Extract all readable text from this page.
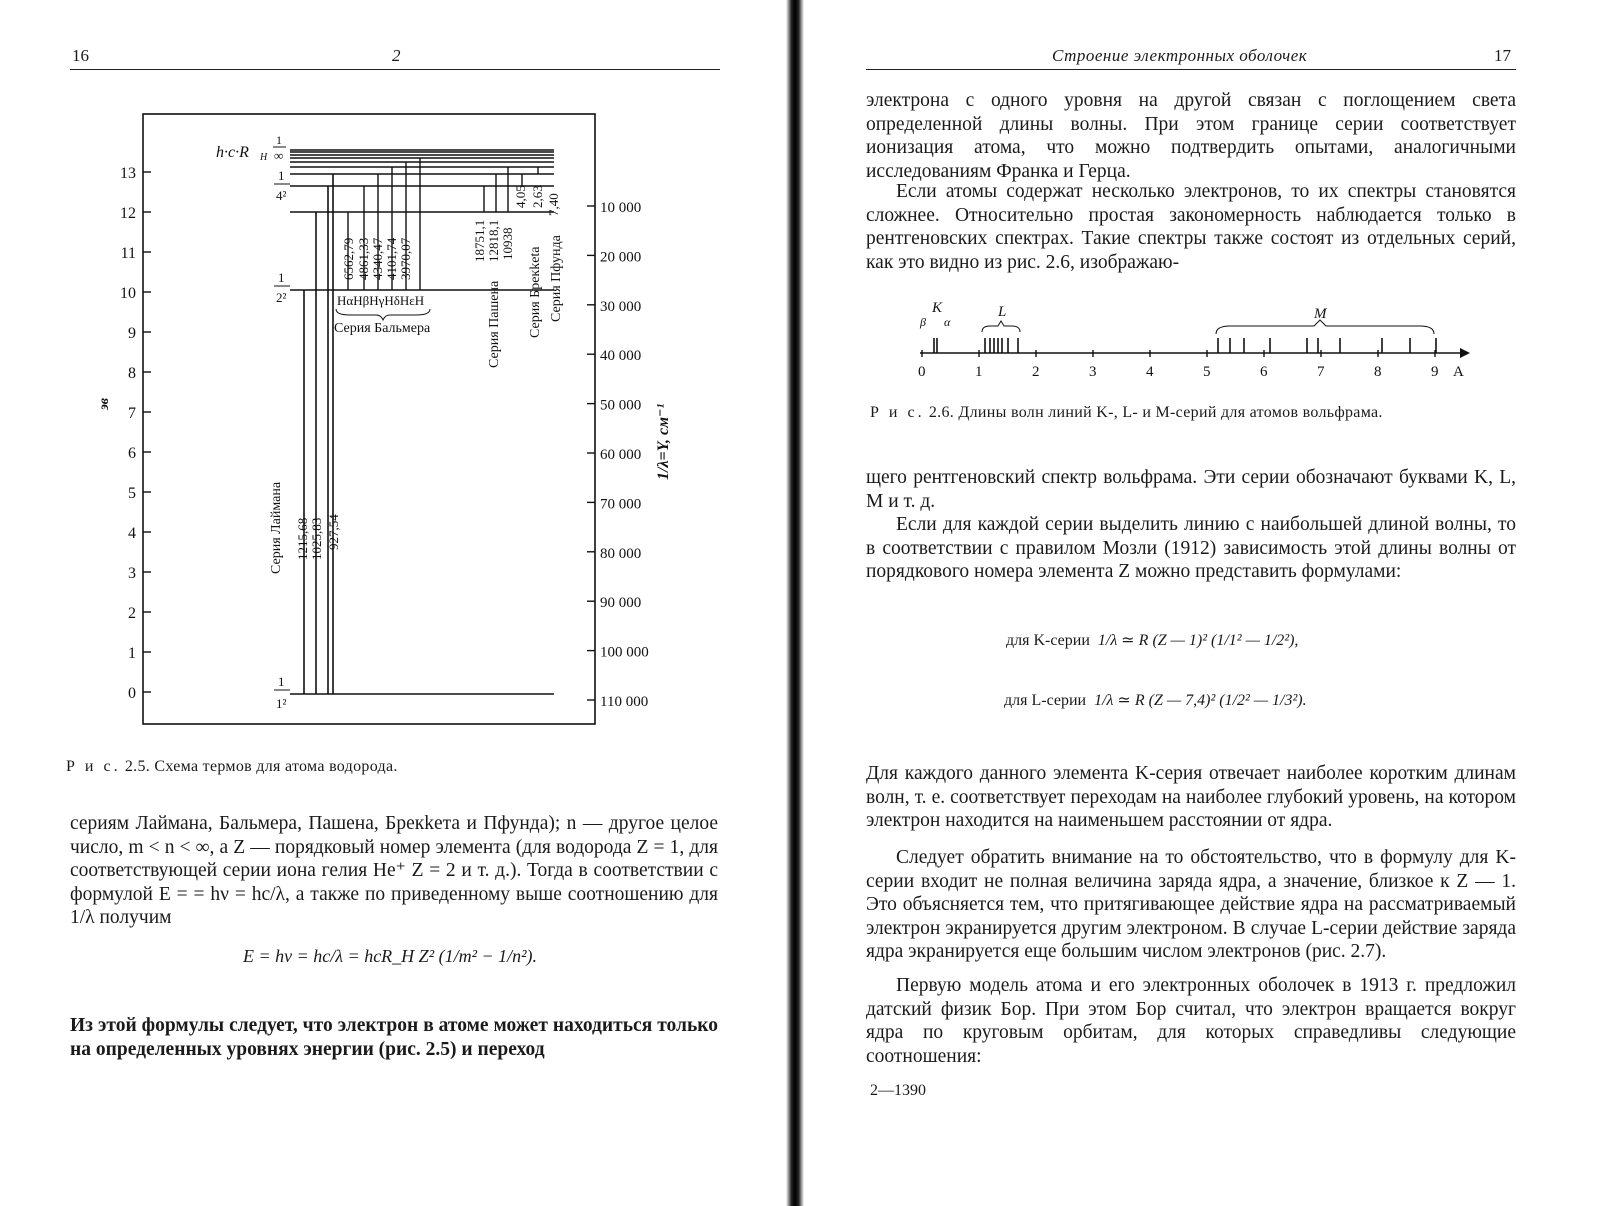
16	2
13
12
11
10
9
8
7
6
5
4
3
2
1
0
10 000
20 000
30 000
40 000
50 000
60 000
70 000
80 000
90 000
100 000
110 000
эв	1/λ=Y, см⁻¹
h·c·R H
1
∞
1
4²
1
2²
1
1²
6562,79 4861,33 4340,47 4101,74 3970,07
HαHβHγHδHεH
Серия Бальмера
Серия Лаймана 1215,68 1025,83 927,54
18751,1 12818,1 10938
Серия Пашена
4,05
Серия Брекketa
2,63 7,40
Серия Пфунда
Р и с. 2.5. Схема термов для атома водорода.

сериям Лаймана, Бальмера, Пашена, Брекkета и Пфунда); n — другое целое число, m < n < ∞, а Z — порядковый номер элемента (для водорода Z = 1, для соответствующей серии иона гелия He⁺ Z = 2 и т. д.). Тогда в соответствии с формулой E = = hν = hc/λ, а также по приведенному выше соотношению для 1/λ получим

E = hν = hc/λ = hcR_H Z² (1/m² − 1/n²).

Из этой формулы следует, что электрон в атоме может находиться только на определенных уровнях энергии (рис. 2.5) и переход

Строение электронных оболочек	17

электрона с одного уровня на другой связан с поглощением света определенной длины волны. При этом границе серии соответствует ионизация атома, что можно подтвердить опытами, аналогичными исследованиям Франка и Герца.

Если атомы содержат несколько электронов, то их спектры становятся сложнее. Относительно простая закономерность наблюдается только в рентгеновских спектрах. Такие спектры также состоят из отдельных серий, как это видно из рис. 2.6, изображаю-

0	1	2	3	4	5	6	7	8	9 A
K
β α
L	M
Р и с. 2.6. Длины волн линий K-, L- и M-серий для атомов вольфрама.

щего рентгеновский спектр вольфрама. Эти серии обозначают буквами K, L, M и т. д.

Если для каждой серии выделить линию с наибольшей длиной волны, то в соответствии с правилом Мозли (1912) зависимость этой длины волны от порядкового номера элемента Z можно представить формулами:

для K-серии 1/λ ≃ R (Z — 1)² (1/1² — 1/2²),
для L-серии 1/λ ≃ R (Z — 7,4)² (1/2² — 1/3²).

Для каждого данного элемента K-серия отвечает наиболее коротким длинам волн, т. е. соответствует переходам на наиболее глубокий уровень, на котором электрон находится на наименьшем расстоянии от ядра.

Следует обратить внимание на то обстоятельство, что в формулу для K-серии входит не полная величина заряда ядра, а значение, близкое к Z — 1. Это объясняется тем, что притягивающее действие ядра на рассматриваемый электрон экранируется другим электроном. В случае L-серии действие заряда ядра экранируется еще большим числом электронов (рис. 2.7).

Первую модель атома и его электронных оболочек в 1913 г. предложил датский физик Бор. При этом Бор считал, что электрон вращается вокруг ядра по круговым орбитам, для которых справедливы следующие соотношения:

2—1390
